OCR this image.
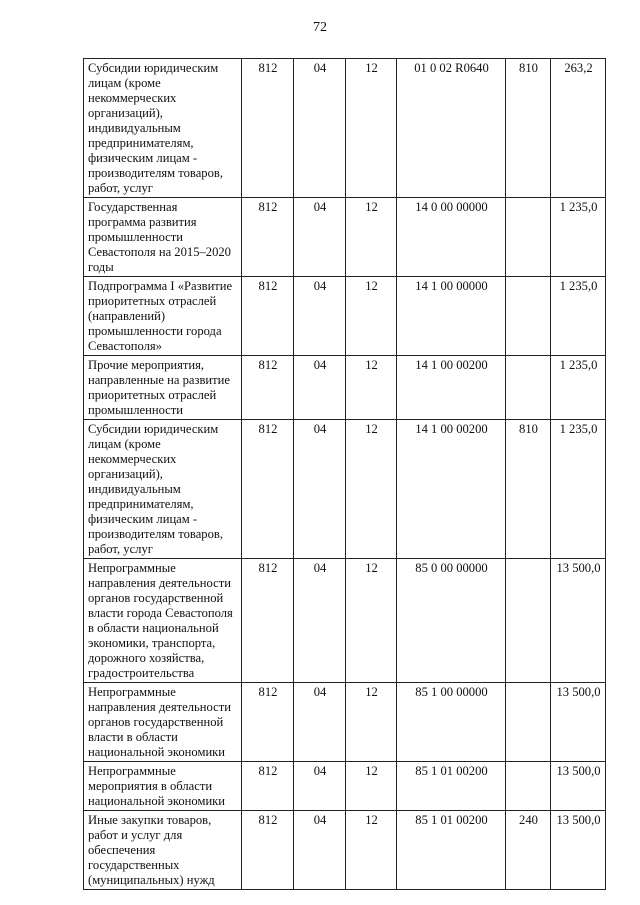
72
Субсидии юридическим лицам (кроме некоммерческих организаций), индивидуальным предпринимателям, физическим лицам - производителям товаров, работ, услуг	812	04	12	01 0 02 R0640	810	263,2
Государственная программа развития промышленности Севастополя на 2015–2020 годы	812	04	12	14 0 00 00000		1 235,0
Подпрограмма I «Развитие приоритетных отраслей (направлений) промышленности города Севастополя»	812	04	12	14 1 00 00000		1 235,0
Прочие мероприятия, направленные на развитие приоритетных отраслей промышленности	812	04	12	14 1 00 00200		1 235,0
Субсидии юридическим лицам (кроме некоммерческих организаций), индивидуальным предпринимателям, физическим лицам - производителям товаров, работ, услуг	812	04	12	14 1 00 00200	810	1 235,0
Непрограммные направления деятельности органов государственной власти города Севастополя в области национальной экономики, транспорта, дорожного хозяйства, градостроительства	812	04	12	85 0 00 00000		13 500,0
Непрограммные направления деятельности органов государственной власти в области национальной экономики	812	04	12	85 1 00 00000		13 500,0
Непрограммные мероприятия в области национальной экономики	812	04	12	85 1 01 00200		13 500,0
Иные закупки товаров, работ и услуг для обеспечения государственных (муниципальных) нужд	812	04	12	85 1 01 00200	240	13 500,0
